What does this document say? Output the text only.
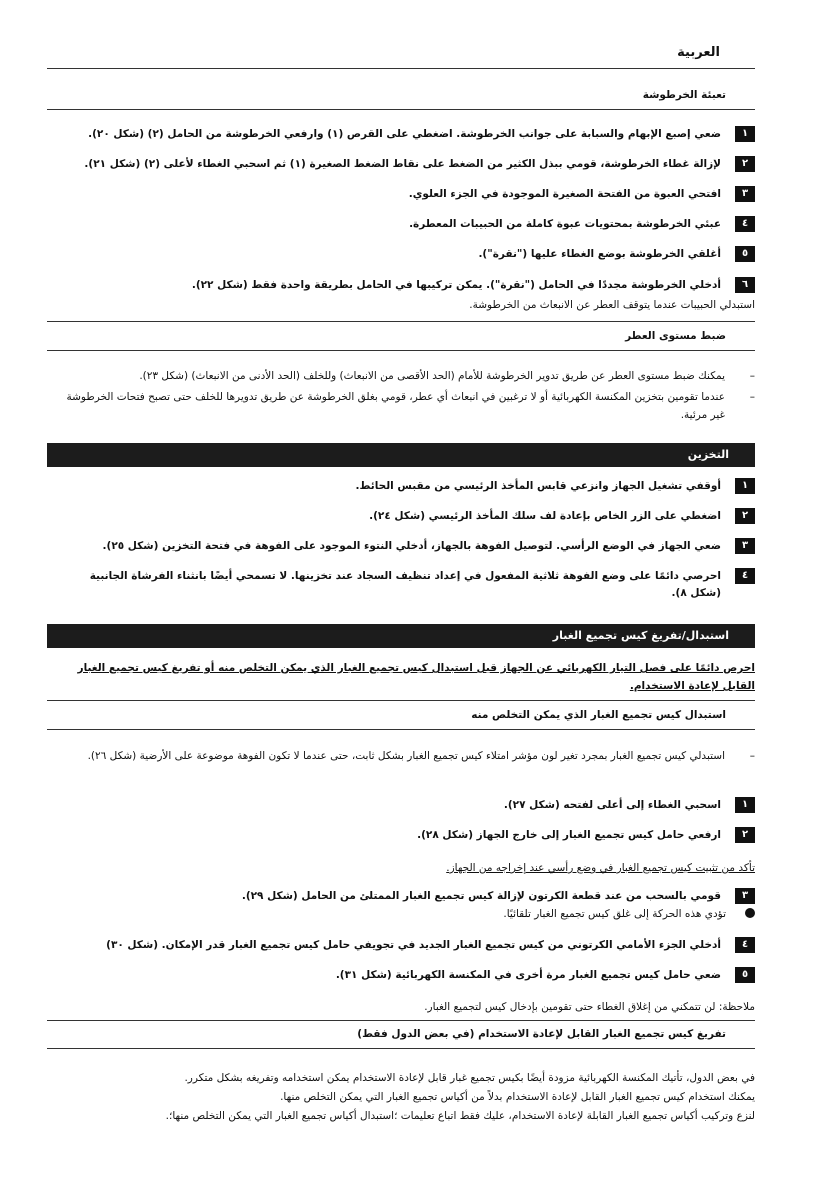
العربية
تعبئة الخرطوشة
١
ضعي إصبع الإبهام والسبابة على جوانب الخرطوشة. اضغطي على القرص (١) وارفعي الخرطوشة من الحامل (٢) (شكل ٢٠).
٢
لإزالة غطاء الخرطوشة، قومي ببذل الكثير من الضغط على نقاط الضغط الصغيرة (١) ثم اسحبي الغطاء لأعلى (٢) (شكل ٢١).
٣
افتحي العبوة من الفتحة الصغيرة الموجودة في الجزء العلوي.
٤
عبئي الخرطوشة بمحتويات عبوة كاملة من الحبيبات المعطرة.
٥
أغلقي الخرطوشة بوضع الغطاء عليها ("نقرة").
٦
أدخلي الخرطوشة مجددًا في الحامل ("نقرة"). يمكن تركيبها في الحامل بطريقة واحدة فقط (شكل ٢٢).
استبدلي الحبيبات عندما يتوقف العطر عن الانبعاث من الخرطوشة.
ضبط مستوى العطر
–
يمكنك ضبط مستوى العطر عن طريق تدوير الخرطوشة للأمام (الحد الأقصى من الانبعاث) وللخلف (الحد الأدنى من الانبعاث) (شكل ٢٣).
–
عندما تقومين بتخزين المكنسة الكهربائية أو لا ترغبين في انبعاث أي عطر، قومي بغلق الخرطوشة عن طريق تدويرها للخلف حتى تصبح فتحات الخرطوشة غير مرئية.
التخزين
١
أوقفي تشغيل الجهاز وانزعي قابس المأخذ الرئيسي من مقبس الحائط.
٢
اضغطي على الزر الخاص بإعادة لف سلك المأخذ الرئيسي (شكل ٢٤).
٣
ضعي الجهاز في الوضع الرأسي. لتوصيل الفوهة بالجهاز، أدخلي النتوء الموجود على الفوهة في فتحة التخزين (شكل ٢٥).
٤
احرصي دائمًا على وضع الفوهة ثلاثية المفعول في إعداد تنظيف السجاد عند تخزينها. لا تسمحي أيضًا بانثناء الفرشاة الجانبية (شكل ٨).
استبدال/تفريغ كيس تجميع الغبار
احرص دائمًا على فصل التيار الكهربائي عن الجهاز قبل استبدال كيس تجميع الغبار الذي يمكن التخلص منه أو تفريغ كيس تجميع الغبار القابل لإعادة الاستخدام.
استبدال كيس تجميع الغبار الذي يمكن التخلص منه
–
استبدلي كيس تجميع الغبار بمجرد تغير لون مؤشر امتلاء كيس تجميع الغبار بشكل ثابت، حتى عندما لا تكون الفوهة موضوعة على الأرضية (شكل ٢٦).
١
اسحبي الغطاء إلى أعلى لفتحه (شكل ٢٧).
٢
ارفعي حامل كيس تجميع الغبار إلى خارج الجهاز (شكل ٢٨).
تأكد من تثبيت كيس تجميع الغبار في وضع رأسي عند إخراجه من الجهاز.
٣
قومي بالسحب من عند قطعة الكرتون لإزالة كيس تجميع الغبار الممتلئ من الحامل (شكل ٢٩).
تؤدي هذه الحركة إلى غلق كيس تجميع الغبار تلقائيًا.
٤
أدخلي الجزء الأمامي الكرتوني من كيس تجميع الغبار الجديد في تجويفي حامل كيس تجميع الغبار قدر الإمكان. (شكل ٣٠)
٥
ضعي حامل كيس تجميع الغبار مرة أخرى في المكنسة الكهربائية (شكل ٣١).
ملاحظة: لن تتمكني من إغلاق الغطاء حتى تقومين بإدخال كيس لتجميع الغبار.
تفريغ كيس تجميع الغبار القابل لإعادة الاستخدام (في بعض الدول فقط)
في بعض الدول، تأتيك المكنسة الكهربائية مزودة أيضًا بكيس تجميع غبار قابل لإعادة الاستخدام يمكن استخدامه وتفريغه بشكل متكرر.
يمكنك استخدام كيس تجميع الغبار القابل لإعادة الاستخدام بدلاً من أكياس تجميع الغبار التي يمكن التخلص منها.
لنزع وتركيب أكياس تجميع الغبار القابلة لإعادة الاستخدام، عليك فقط اتباع تعليمات ؛استبدال أكياس تجميع الغبار التي يمكن التخلص منها؛.
